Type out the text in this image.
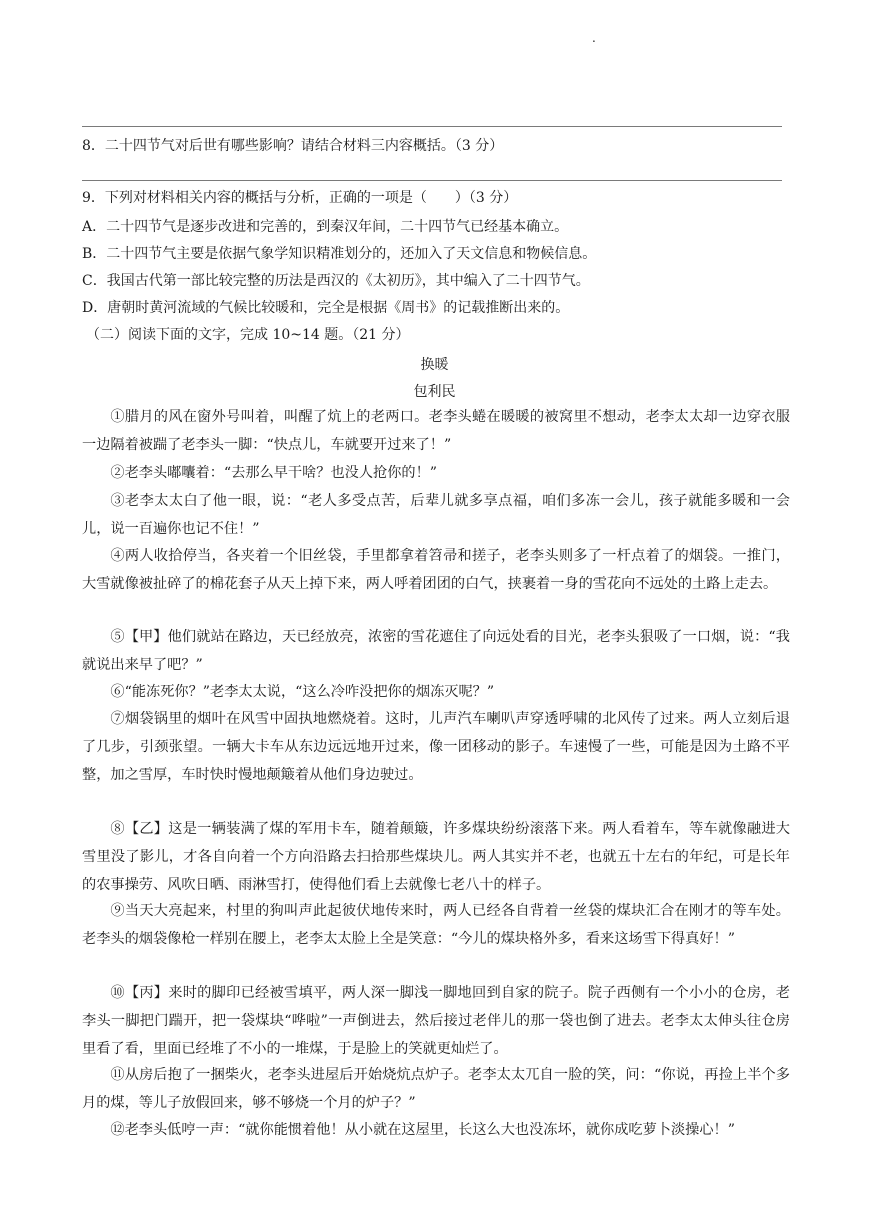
.
8．二十四节气对后世有哪些影响？请结合材料三内容概括。（3 分）
9．下列对材料相关内容的概括与分析，正确的一项是（　　）（3 分）
A．二十四节气是逐步改进和完善的，到秦汉年间，二十四节气已经基本确立。
B．二十四节气主要是依据气象学知识精准划分的，还加入了天文信息和物候信息。
C．我国古代第一部比较完整的历法是西汉的《太初历》，其中编入了二十四节气。
D．唐朝时黄河流域的气候比较暖和，完全是根据《周书》的记载推断出来的。
（二）阅读下面的文字，完成 10~14 题。（21 分）
换暖
包利民
①腊月的风在窗外号叫着，叫醒了炕上的老两口。老李头蜷在暖暖的被窝里不想动，老李太太却一边穿衣服一边隔着被踹了老李头一脚：“快点儿，车就要开过来了！”
②老李头嘟囔着：“去那么早干啥？也没人抢你的！”
③老李太太白了他一眼，说：“老人多受点苦，后辈儿就多享点福，咱们多冻一会儿，孩子就能多暖和一会儿，说一百遍你也记不住！”
④两人收拾停当，各夹着一个旧丝袋，手里都拿着笤帚和搓子，老李头则多了一杆点着了的烟袋。一推门，大雪就像被扯碎了的棉花套子从天上掉下来，两人呼着团团的白气，挟裹着一身的雪花向不远处的土路上走去。
⑤【甲】他们就站在路边，天已经放亮，浓密的雪花遮住了向远处看的目光，老李头狠吸了一口烟，说：“我就说出来早了吧？”
⑥“能冻死你？”老李太太说，“这么冷咋没把你的烟冻灭呢？”
⑦烟袋锅里的烟叶在风雪中固执地燃烧着。这时，儿声汽车喇叭声穿透呼啸的北风传了过来。两人立刻后退了几步，引颈张望。一辆大卡车从东边远远地开过来，像一团移动的影子。车速慢了一些，可能是因为土路不平整，加之雪厚，车时快时慢地颠簸着从他们身边驶过。
⑧【乙】这是一辆装满了煤的军用卡车，随着颠簸，许多煤块纷纷滚落下来。两人看着车，等车就像融进大雪里没了影儿，才各自向着一个方向沿路去扫拾那些煤块儿。两人其实并不老，也就五十左右的年纪，可是长年的农事操劳、风吹日晒、雨淋雪打，使得他们看上去就像七老八十的样子。
⑨当天大亮起来，村里的狗叫声此起彼伏地传来时，两人已经各自背着一丝袋的煤块汇合在刚才的等车处。老李头的烟袋像枪一样别在腰上，老李太太脸上全是笑意：“今儿的煤块格外多，看来这场雪下得真好！”
⑩【丙】来时的脚印已经被雪填平，两人深一脚浅一脚地回到自家的院子。院子西侧有一个小小的仓房，老李头一脚把门踹开，把一袋煤块“哗啦”一声倒进去，然后接过老伴儿的那一袋也倒了进去。老李太太伸头往仓房里看了看，里面已经堆了不小的一堆煤，于是脸上的笑就更灿烂了。
⑪从房后抱了一捆柴火，老李头进屋后开始烧炕点炉子。老李太太兀自一脸的笑，问：“你说，再捡上半个多月的煤，等儿子放假回来，够不够烧一个月的炉子？”
⑫老李头低哼一声：“就你能惯着他！从小就在这屋里，长这么大也没冻坏，就你成吃萝卜淡操心！”
